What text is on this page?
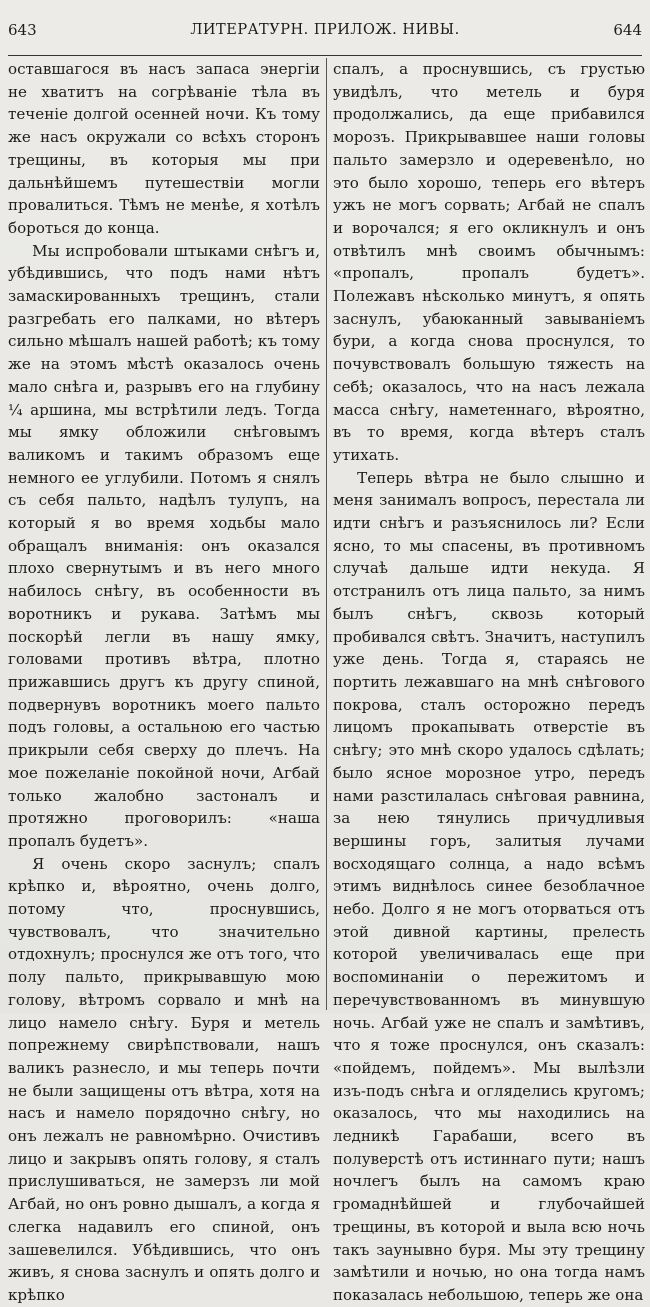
643	ЛИТЕРАТУРН. ПРИЛОЖ. НИВЫ.	644

оставшагося въ насъ запаса энергіи не хватитъ на согрѣваніе тѣла въ теченіе долгой осенней ночи. Къ тому же насъ окружали со всѣхъ сторонъ трещины, въ которыя мы при дальнѣйшемъ путешествіи могли провалиться. Тѣмъ не менѣе, я хотѣлъ бороться до конца.

Мы испробовали штыками снѣгъ и, убѣдившись, что подъ нами нѣтъ замаскированныхъ трещинъ, стали разгребать его палками, но вѣтеръ сильно мѣшалъ нашей работѣ; къ тому же на этомъ мѣстѣ оказалось очень мало снѣга и, разрывъ его на глубину ¼ аршина, мы встрѣтили ледъ. Тогда мы ямку обложили снѣговымъ валикомъ и такимъ образомъ еще немного ее углубили. Потомъ я снялъ съ себя пальто, надѣлъ тулупъ, на который я во время ходьбы мало обращалъ вниманія: онъ оказался плохо свернутымъ и въ него много набилось снѣгу, въ особенности въ воротникъ и рукава. Затѣмъ мы поскорѣй легли въ нашу ямку, головами противъ вѣтра, плотно прижавшись другъ къ другу спиной, подвернувъ воротникъ моего пальто подъ головы, а остальною его частью прикрыли себя сверху до плечъ. На мое пожеланіе покойной ночи, Агбай только жалобно застоналъ и протяжно проговорилъ: «наша пропалъ будетъ».

Я очень скоро заснулъ; спалъ крѣпко и, вѣроятно, очень долго, потому что, проснувшись, чувствовалъ, что значительно отдохнулъ; проснулся же отъ того, что полу пальто, прикрывавшую мою голову, вѣтромъ сорвало и мнѣ на лицо намело снѣгу. Буря и метель попрежнему свирѣпствовали, нашъ валикъ разнесло, и мы теперь почти не были защищены отъ вѣтра, хотя на насъ и намело порядочно снѣгу, но онъ лежалъ не равномѣрно. Очистивъ лицо и закрывъ опять голову, я сталъ прислушиваться, не замерзъ ли мой Агбай, но онъ ровно дышалъ, а когда я слегка надавилъ его спиной, онъ зашевелился. Убѣдившись, что онъ живъ, я снова заснулъ и опять долго и крѣпко

спалъ, а проснувшись, съ грустью увидѣлъ, что метель и буря продолжались, да еще прибавился морозъ. Прикрывавшее наши головы пальто замерзло и одеревенѣло, но это было хорошо, теперь его вѣтеръ ужъ не могъ сорвать; Агбай не спалъ и ворочался; я его окликнулъ и онъ отвѣтилъ мнѣ своимъ обычнымъ: «пропалъ, пропалъ будетъ». Полежавъ нѣсколько минутъ, я опять заснулъ, убаюканный завываніемъ бури, а когда снова проснулся, то почувствовалъ большую тяжесть на себѣ; оказалось, что на насъ лежала масса снѣгу, наметеннаго, вѣроятно, въ то время, когда вѣтеръ сталъ утихать.

Теперь вѣтра не было слышно и меня занималъ вопросъ, перестала ли идти снѣгъ и разъяснилось ли? Если ясно, то мы спасены, въ противномъ случаѣ дальше идти некуда. Я отстранилъ отъ лица пальто, за нимъ былъ снѣгъ, сквозь который пробивался свѣтъ. Значитъ, наступилъ уже день. Тогда я, стараясь не портить лежавшаго на мнѣ снѣгового покрова, сталъ осторожно передъ лицомъ прокапывать отверстіе въ снѣгу; это мнѣ скоро удалось сдѣлать; было ясное морозное утро, передъ нами разстилалась снѣговая равнина, за нею тянулись причудливыя вершины горъ, залитыя лучами восходящаго солнца, а надо всѣмъ этимъ виднѣлось синее безоблачное небо. Долго я не могъ оторваться отъ этой дивной картины, прелесть которой увеличивалась еще при воспоминаніи о пережитомъ и перечувствованномъ въ минувшую ночь. Агбай уже не спалъ и замѣтивъ, что я тоже проснулся, онъ сказалъ: «пойдемъ, пойдемъ». Мы вылѣзли изъ-подъ снѣга и огляделись кругомъ; оказалось, что мы находились на ледникѣ Гарабаши, всего въ полуверстѣ отъ истиннаго пути; нашъ ночлегъ былъ на самомъ краю громаднѣйшей и глубочайшей трещины, въ которой и выла всю ночь такъ заунывно буря. Мы эту трещину замѣтили и ночью, но она тогда намъ показалась небольшою, теперь же она
